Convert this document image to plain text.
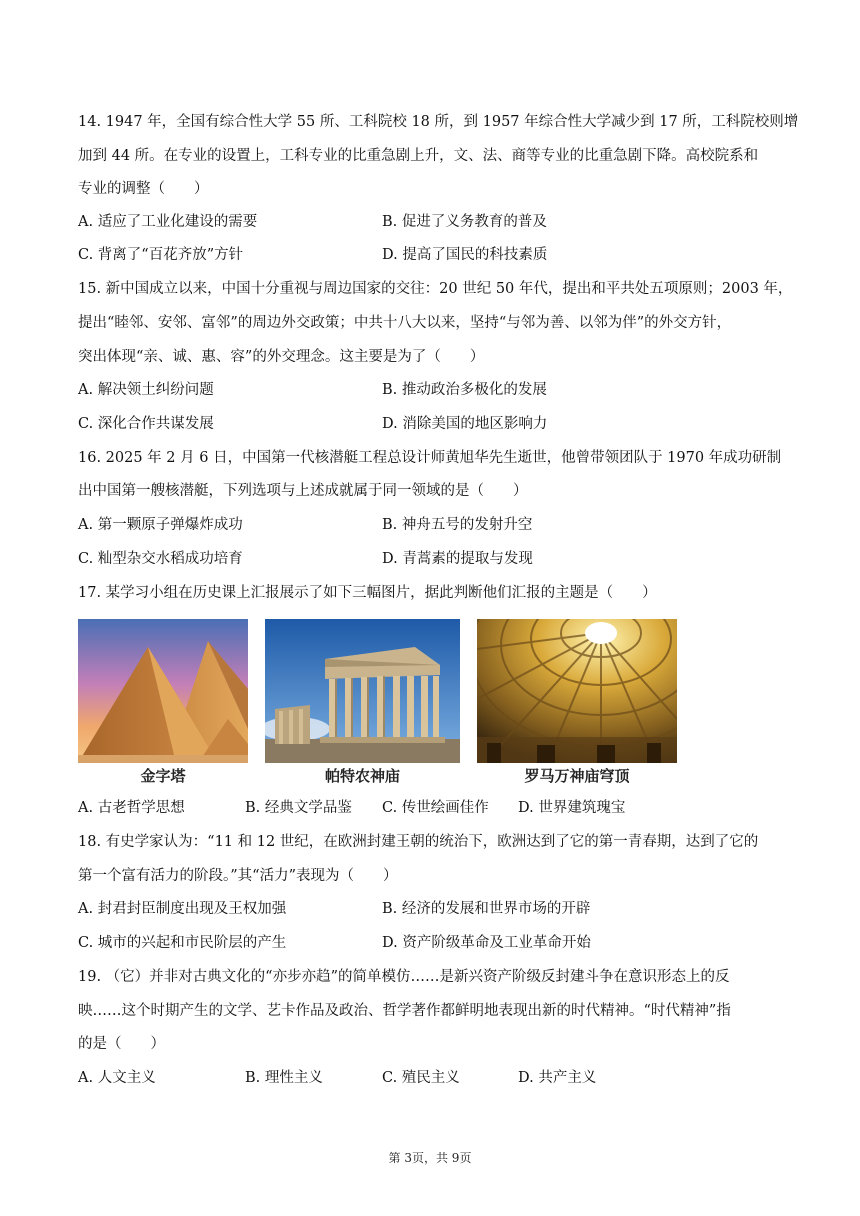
14. 1947 年，全国有综合性大学 55 所、工科院校 18 所，到 1957 年综合性大学减少到 17 所，工科院校则增
加到 44 所。在专业的设置上，工科专业的比重急剧上升，文、法、商等专业的比重急剧下降。高校院系和
专业的调整（　　）
A. 适应了工业化建设的需要	B. 促进了义务教育的普及
C. 背离了“百花齐放”方针	D. 提高了国民的科技素质
15. 新中国成立以来，中国十分重视与周边国家的交往：20 世纪 50 年代，提出和平共处五项原则；2003 年，
提出“睦邻、安邻、富邻”的周边外交政策；中共十八大以来，坚持“与邻为善、以邻为伴”的外交方针，
突出体现“亲、诚、惠、容”的外交理念。这主要是为了（　　）
A. 解决领土纠纷问题	B. 推动政治多极化的发展
C. 深化合作共谋发展	D. 消除美国的地区影响力
16. 2025 年 2 月 6 日，中国第一代核潜艇工程总设计师黄旭华先生逝世，他曾带领团队于 1970 年成功研制
出中国第一艘核潜艇，下列选项与上述成就属于同一领域的是（　　）
A. 第一颗原子弹爆炸成功	B. 神舟五号的发射升空
C. 籼型杂交水稻成功培育	D. 青蒿素的提取与发现
17. 某学习小组在历史课上汇报展示了如下三幅图片，据此判断他们汇报的主题是（　　）
金字塔	帕特农神庙	罗马万神庙穹顶
A. 古老哲学思想	B. 经典文学品鉴 C. 传世绘画佳作 D. 世界建筑瑰宝
18. 有史学家认为：“11 和 12 世纪，在欧洲封建王朝的统治下，欧洲达到了它的第一青春期，达到了它的
第一个富有活力的阶段。”其“活力”表现为（　　）
A. 封君封臣制度出现及王权加强	B. 经济的发展和世界市场的开辟
C. 城市的兴起和市民阶层的产生	D. 资产阶级革命及工业革命开始
19. （它）并非对古典文化的“亦步亦趋”的简单模仿……是新兴资产阶级反封建斗争在意识形态上的反
映……这个时期产生的文学、艺卡作品及政治、哲学著作都鲜明地表现出新的时代精神。“时代精神”指
的是（　　）
A. 人文主义	B. 理性主义	C. 殖民主义	D. 共产主义
第 3页，共 9页
